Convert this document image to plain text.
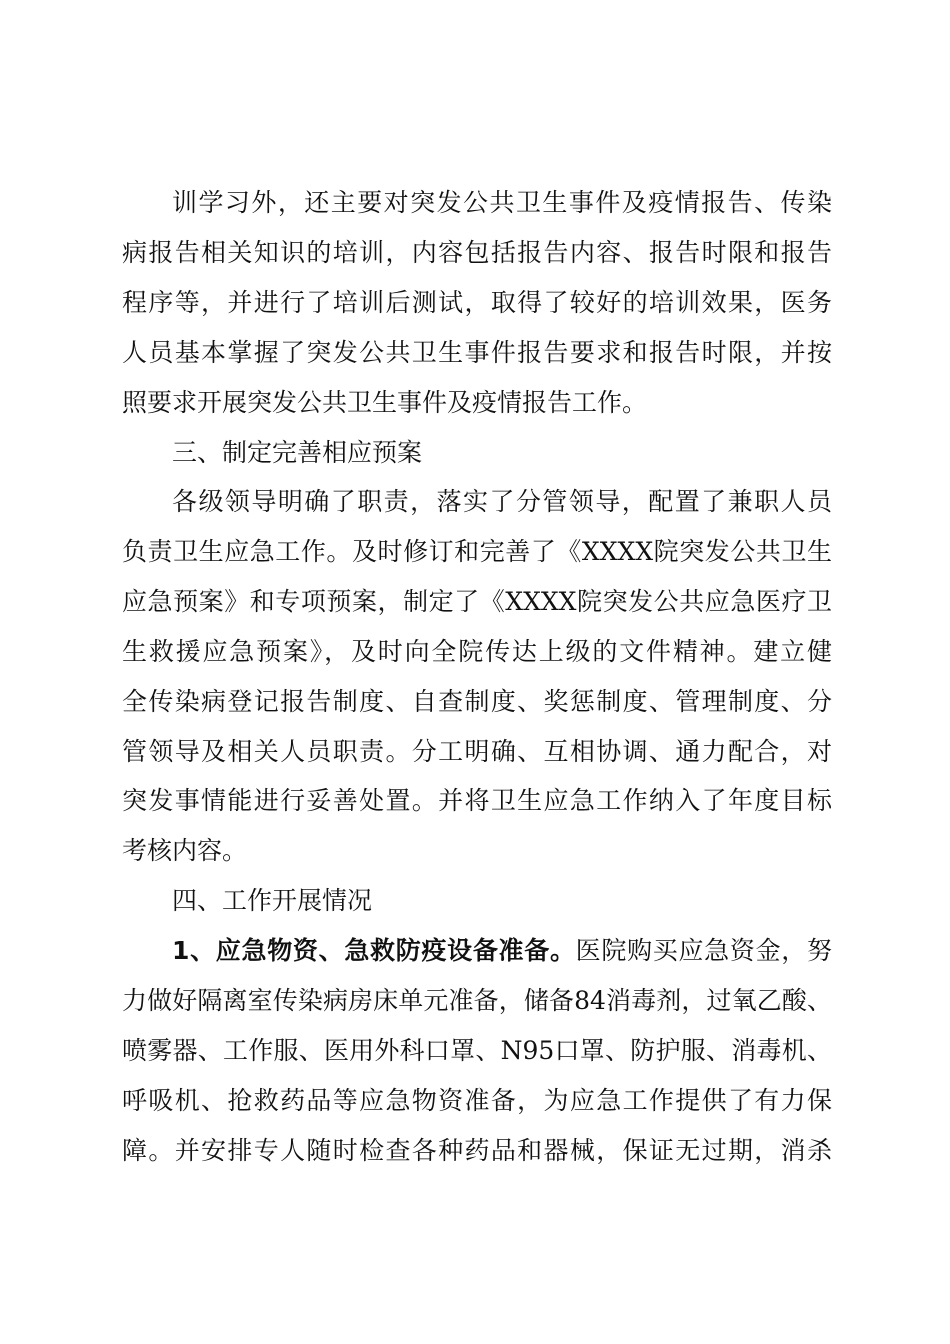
训学习外，还主要对突发公共卫生事件及疫情报告、传染
病报告相关知识的培训，内容包括报告内容、报告时限和报告
程序等，并进行了培训后测试，取得了较好的培训效果，医务
人员基本掌握了突发公共卫生事件报告要求和报告时限，并按
照要求开展突发公共卫生事件及疫情报告工作。
三、制定完善相应预案
各级领导明确了职责，落实了分管领导，配置了兼职人员
负责卫生应急工作。及时修订和完善了《XXXX院突发公共卫生
应急预案》和专项预案，制定了《XXXX院突发公共应急医疗卫
生救援应急预案》，及时向全院传达上级的文件精神。建立健
全传染病登记报告制度、自查制度、奖惩制度、管理制度、分
管领导及相关人员职责。分工明确、互相协调、通力配合，对
突发事情能进行妥善处置。并将卫生应急工作纳入了年度目标
考核内容。
四、工作开展情况
1、应急物资、急救防疫设备准备。医院购买应急资金，努
力做好隔离室传染病房床单元准备，储备84消毒剂，过氧乙酸、
喷雾器、工作服、医用外科口罩、N95口罩、防护服、消毒机、
呼吸机、抢救药品等应急物资准备，为应急工作提供了有力保
障。并安排专人随时检查各种药品和器械，保证无过期，消杀
